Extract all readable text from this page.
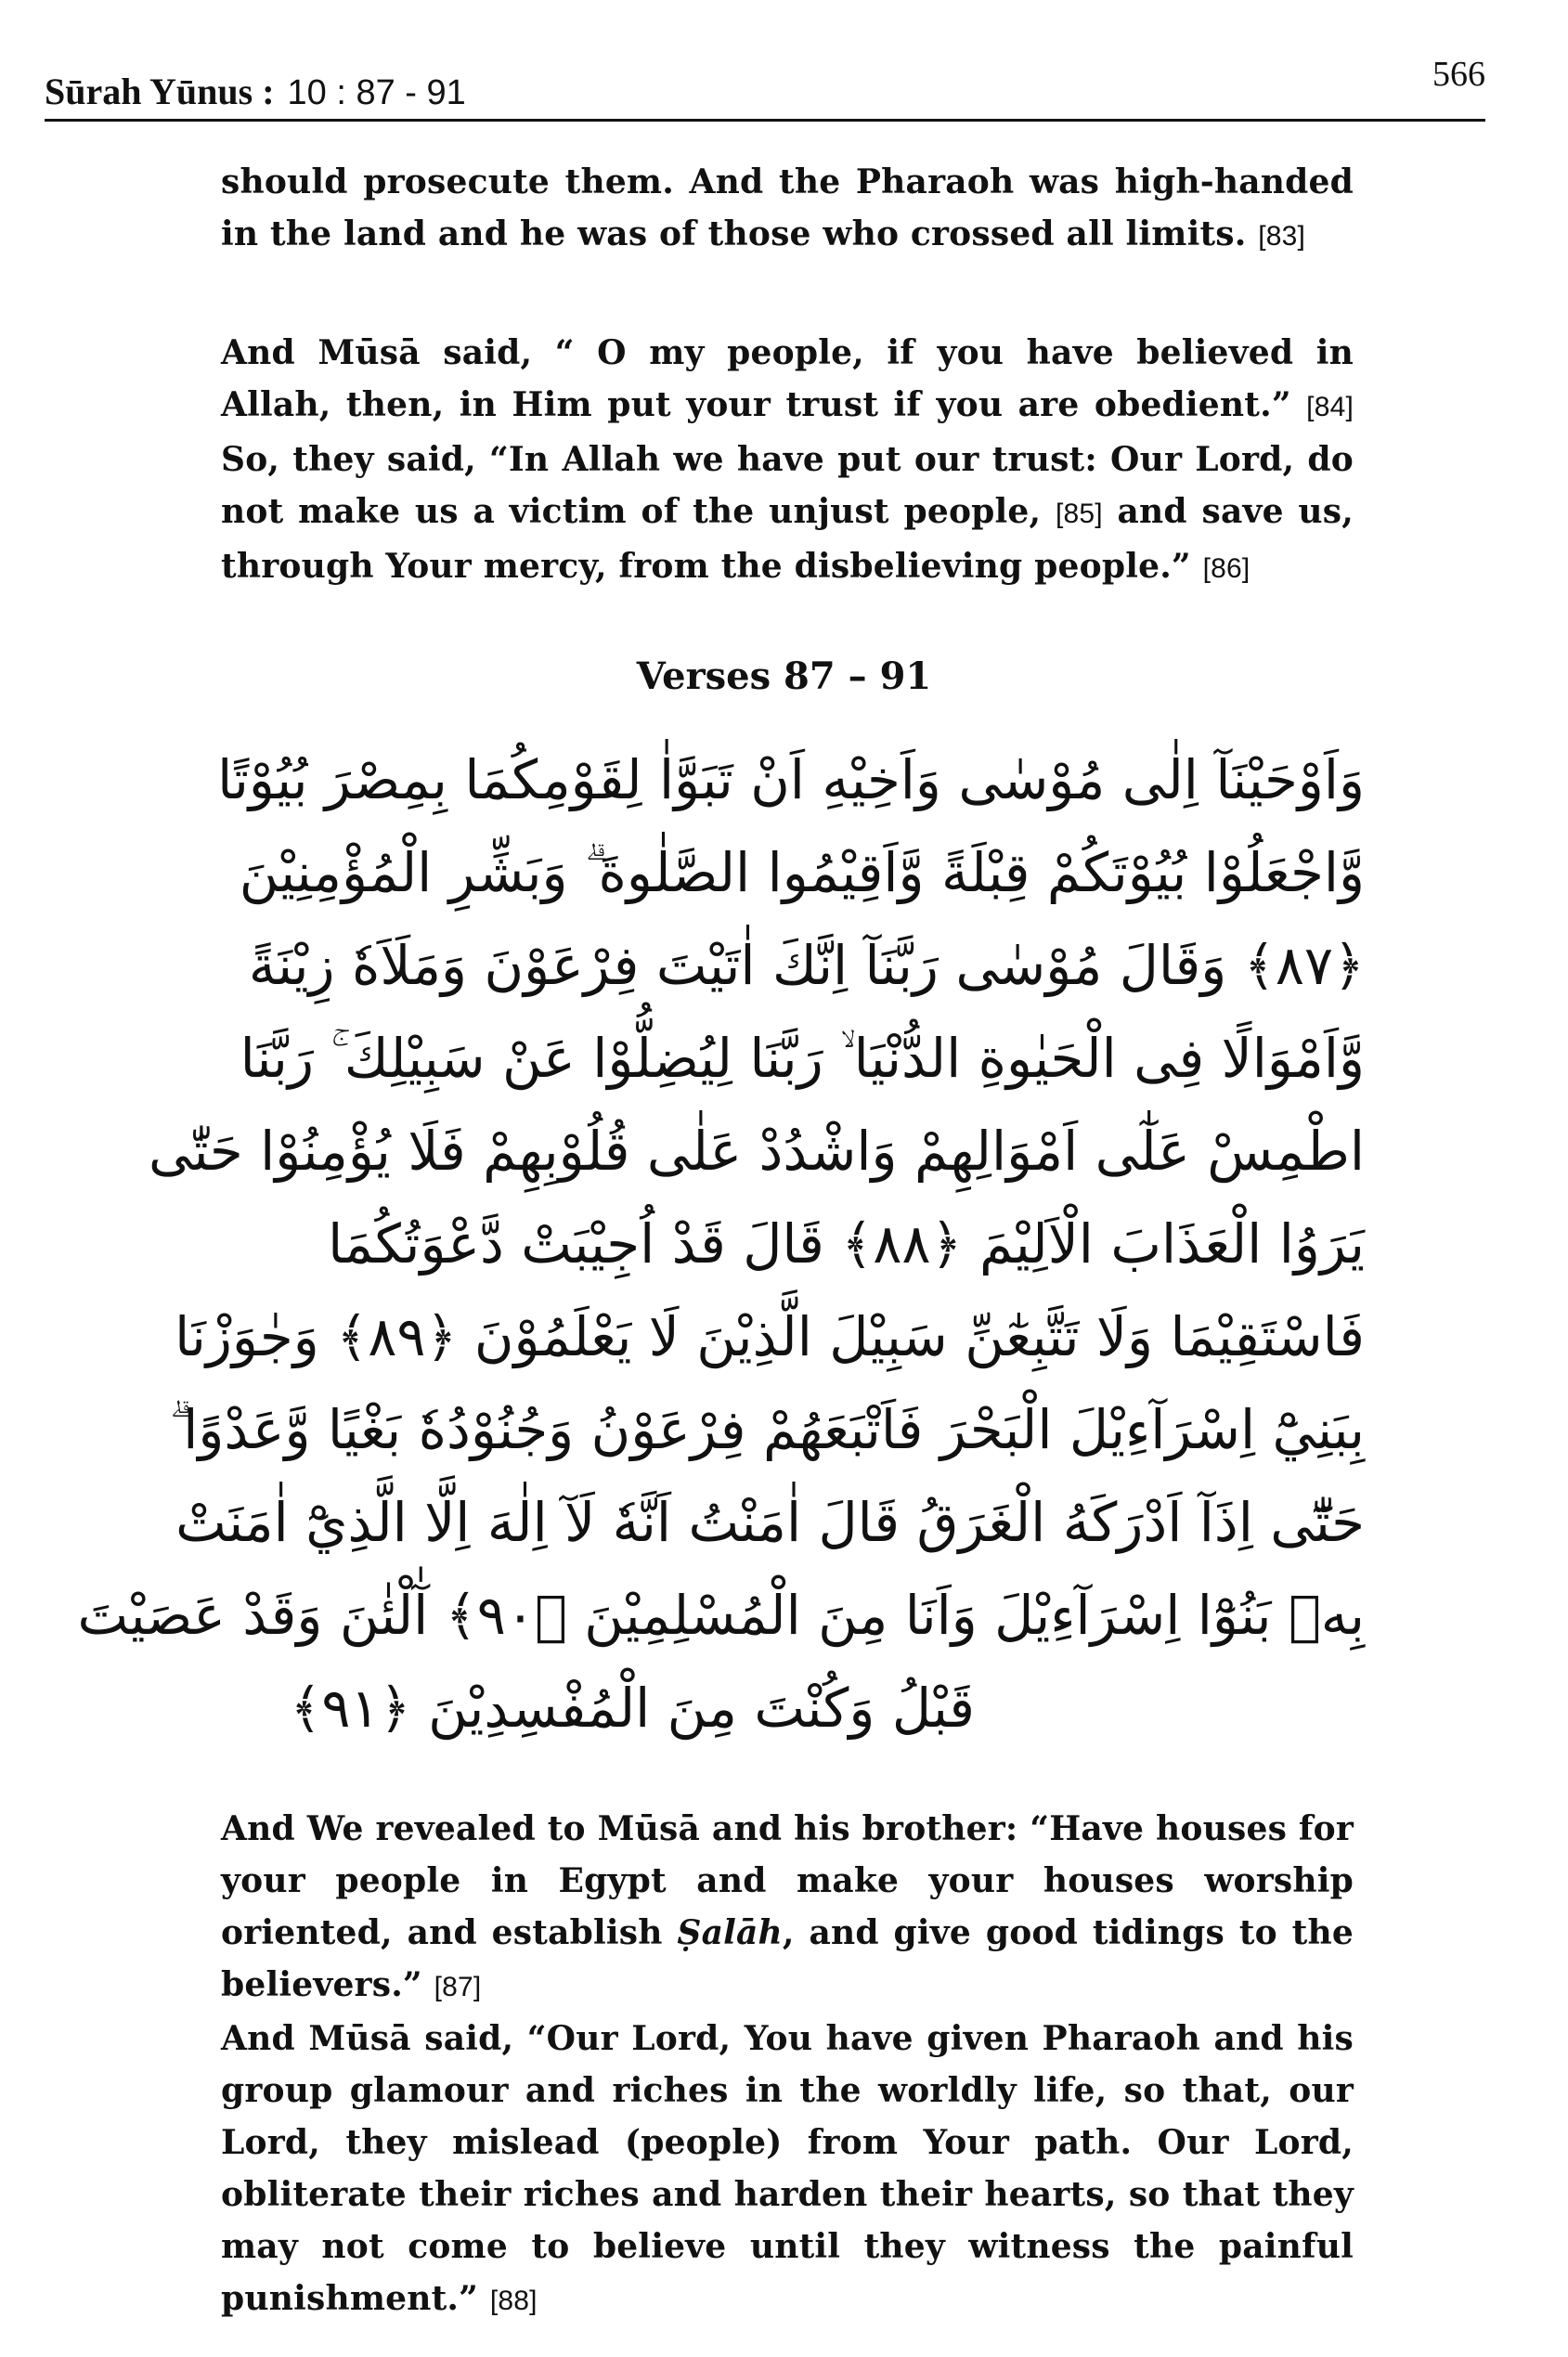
Sūrah Yūnus : 10 : 87 - 91	566
should prosecute them. And the Pharaoh was high-handed in the land and he was of those who crossed all limits. [83]
And Mūsā said, “ O my people, if you have believed in Allah, then, in Him put your trust if you are obedient.” [84] So, they said, “In Allah we have put our trust: Our Lord, do not make us a victim of the unjust people, [85] and save us, through Your mercy, from the disbelieving people.” [86]
Verses 87 – 91
وَاَوْحَيْنَآ اِلٰى مُوْسٰى وَاَخِيْهِ اَنْ تَبَوَّاٰ لِقَوْمِكُمَا بِمِصْرَ بُيُوْتًا
وَّاجْعَلُوْا بُيُوْتَكُمْ قِبْلَةً وَّاَقِيْمُوا الصَّلٰوةَ ۗ وَبَشِّرِ الْمُؤْمِنِيْنَ
﴿٨٧﴾ وَقَالَ مُوْسٰى رَبَّنَآ اِنَّكَ اٰتَيْتَ فِرْعَوْنَ وَمَلَاَهٗ زِيْنَةً
وَّاَمْوَالًا فِى الْحَيٰوةِ الدُّنْيَا ۙ رَبَّنَا لِيُضِلُّوْا عَنْ سَبِيْلِكَ ۚ رَبَّنَا
اطْمِسْ عَلٰٓى اَمْوَالِهِمْ وَاشْدُدْ عَلٰى قُلُوْبِهِمْ فَلَا يُؤْمِنُوْا حَتّٰى
يَرَوُا الْعَذَابَ الْاَلِيْمَ ﴿٨٨﴾ قَالَ قَدْ اُجِيْبَتْ دَّعْوَتُكُمَا
فَاسْتَقِيْمَا وَلَا تَتَّبِعٰٓنِّ سَبِيْلَ الَّذِيْنَ لَا يَعْلَمُوْنَ ﴿٨٩﴾ وَجٰوَزْنَا
بِبَنِيْٓ اِسْرَآءِيْلَ الْبَحْرَ فَاَتْبَعَهُمْ فِرْعَوْنُ وَجُنُوْدُهٗ بَغْيًا وَّعَدْوًا ۗ
حَتّٰٓى اِذَآ اَدْرَكَهُ الْغَرَقُ قَالَ اٰمَنْتُ اَنَّهٗ لَآ اِلٰهَ اِلَّا الَّذِيْٓ اٰمَنَتْ
بِهٖ بَنُوْٓا اِسْرَآءِيْلَ وَاَنَا مِنَ الْمُسْلِمِيْنَ ﴿٩٠﴾ آٰلْئٰنَ وَقَدْ عَصَيْتَ
قَبْلُ وَكُنْتَ مِنَ الْمُفْسِدِيْنَ ﴿٩١﴾
And We revealed to Mūsā and his brother: “Have houses for your people in Egypt and make your houses worship oriented, and establish Ṣalāh, and give good tidings to the believers.” [87]
And Mūsā said, “Our Lord, You have given Pharaoh and his group glamour and riches in the worldly life, so that, our Lord, they mislead (people) from Your path. Our Lord, obliterate their riches and harden their hearts, so that they may not come to believe until they witness the painful punishment.” [88]
